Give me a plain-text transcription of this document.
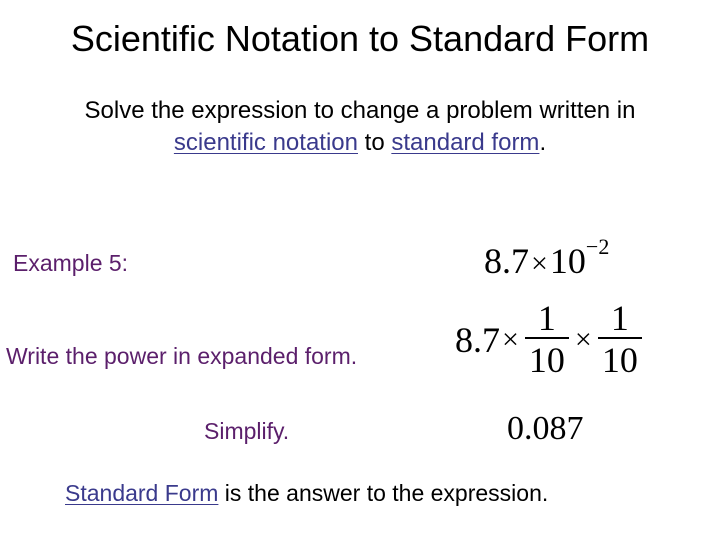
Scientific Notation to Standard Form
Solve the expression to change a problem written in
scientific notation to standard form.
Example 5:	$8.7\times 10^{-2}$
Write the power in expanded form.	$8.7 \times \frac{1}{10} \times \frac{1}{10}$
Simplify.	0.087
Standard Form is the answer to the expression.
